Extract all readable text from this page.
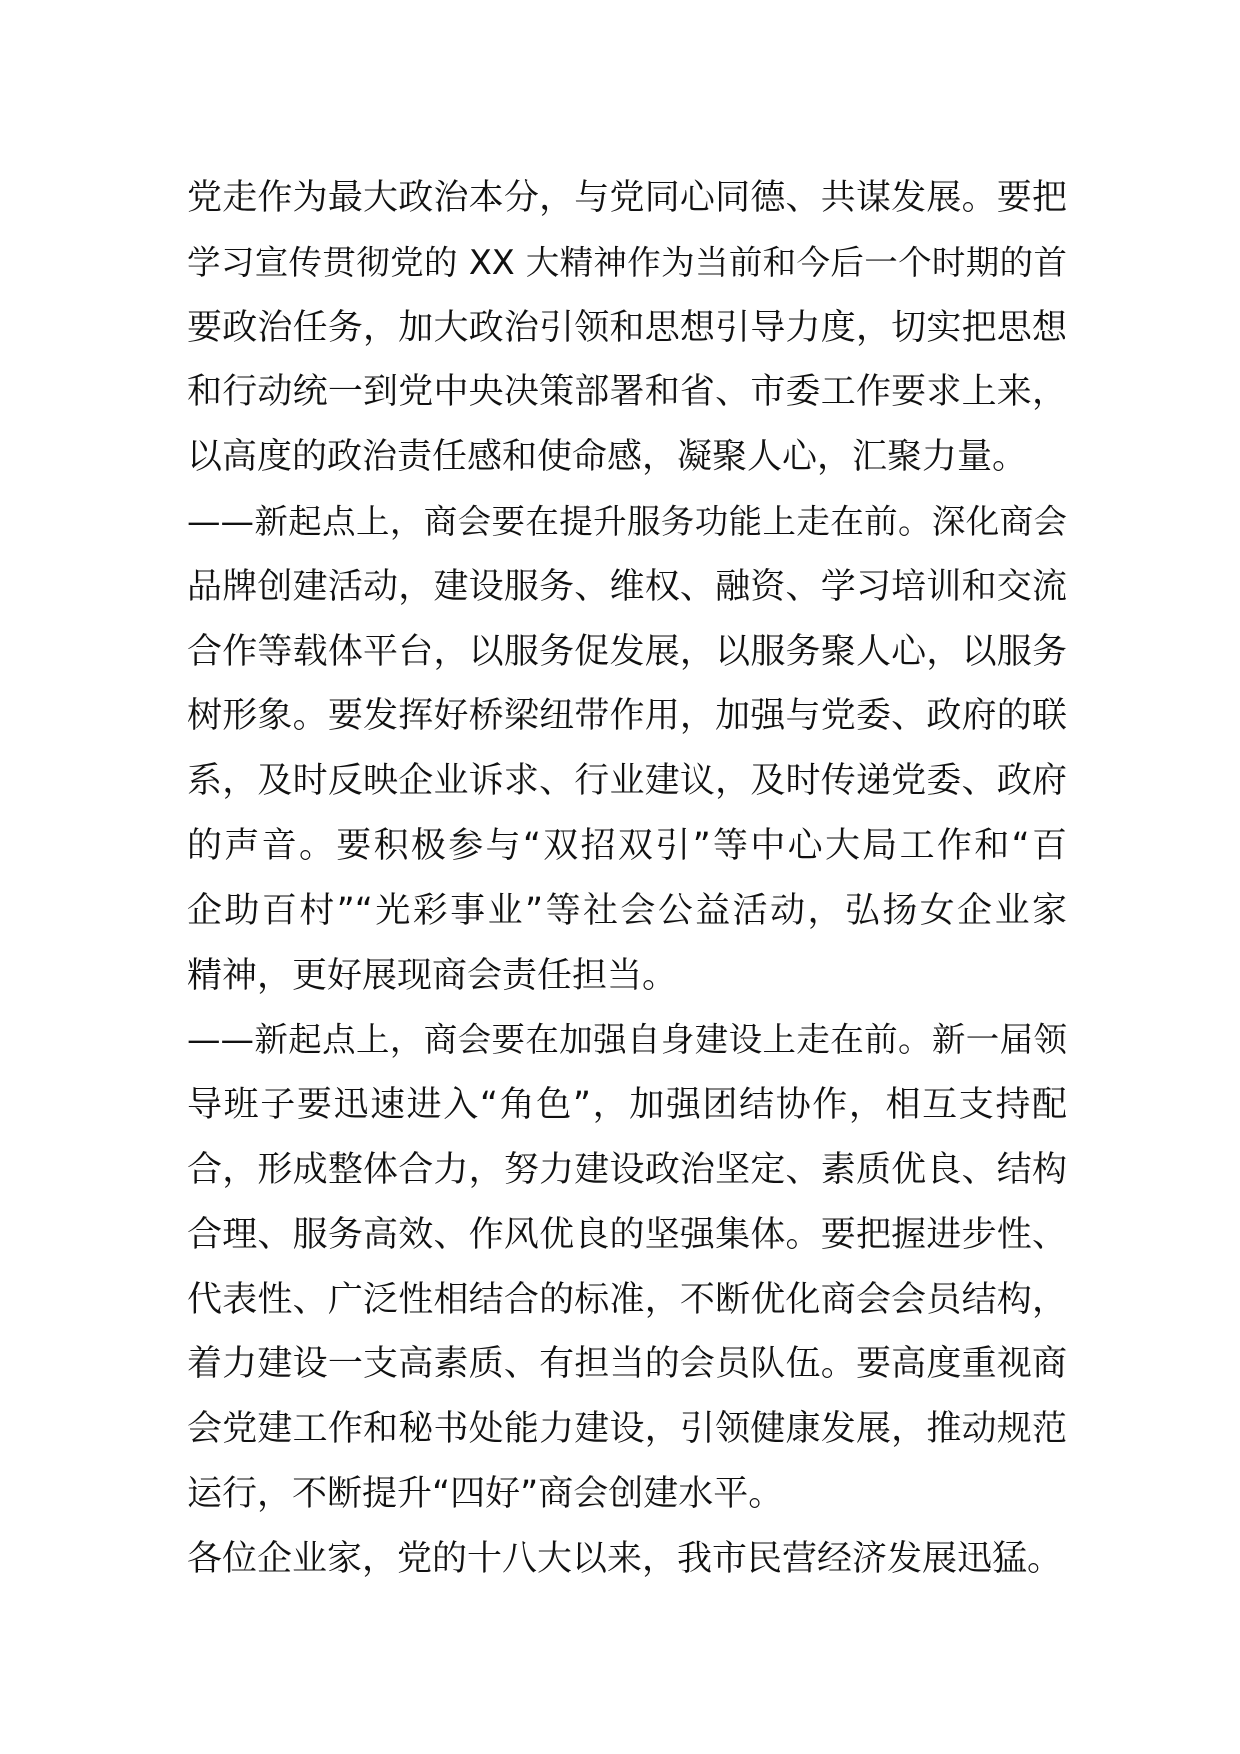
党走作为最大政治本分，与党同心同德、共谋发展。要把
学习宣传贯彻党的 XX 大精神作为当前和今后一个时期的首
要政治任务，加大政治引领和思想引导力度，切实把思想
和行动统一到党中央决策部署和省、市委工作要求上来，
以高度的政治责任感和使命感，凝聚人心，汇聚力量。
——新起点上，商会要在提升服务功能上走在前。深化商会
品牌创建活动，建设服务、维权、融资、学习培训和交流
合作等载体平台，以服务促发展，以服务聚人心，以服务
树形象。要发挥好桥梁纽带作用，加强与党委、政府的联
系，及时反映企业诉求、行业建议，及时传递党委、政府
的声音。要积极参与“双招双引”等中心大局工作和“百
企助百村”“光彩事业”等社会公益活动，弘扬女企业家
精神，更好展现商会责任担当。
——新起点上，商会要在加强自身建设上走在前。新一届领
导班子要迅速进入“角色”，加强团结协作，相互支持配
合，形成整体合力，努力建设政治坚定、素质优良、结构
合理、服务高效、作风优良的坚强集体。要把握进步性、
代表性、广泛性相结合的标准，不断优化商会会员结构，
着力建设一支高素质、有担当的会员队伍。要高度重视商
会党建工作和秘书处能力建设，引领健康发展，推动规范
运行，不断提升“四好”商会创建水平。
各位企业家，党的十八大以来，我市民营经济发展迅猛。
